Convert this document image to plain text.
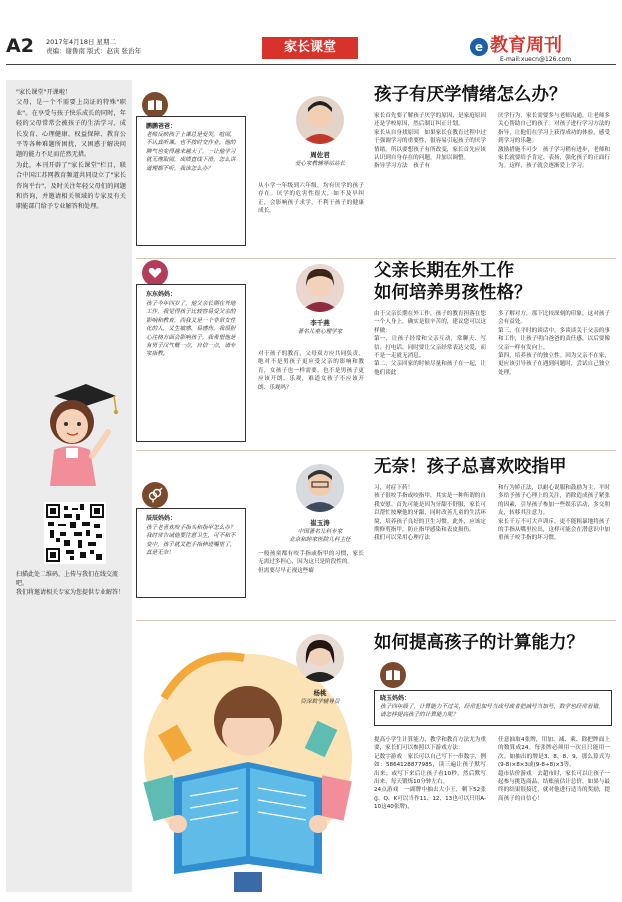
A2 2017年4月18日 星期二
责编：谢鲁南 版式：赵寅 张治年	家长课堂	e 教育周刊
E-mail:xuecn@126.com
"家长课堂"开课啦！
父母，是一个不需要上岗证的特殊"职业"。在享受与孩子快乐成长的同时，年轻的父母常常会被孩子的生活学习、成长发育、心理健康、权益保障、教育公平等各种难题所困扰，又困惑于解决问题的能力不足而茫然无措。
为此，本刊开辟了"家长课堂"栏目，联合中国江苏网教育频道共同设立了"家长咨询平台"，及时关注年轻父母们的问题和咨询，并邀请相关领域的专家及有关职能部门给予专业解答和处理。
扫描此处二维码，上传与我们在线交流吧。
我们将邀请相关专家为您提供专业解答！
鹏鹏爸爸：
老师反映孩子上课总是爱哭，喧闹，不认真听课。也不按时交作业。他的脾气也变得越来越大了，一让他学习就无理取闹，成绩直线下滑，怎么讲道理都不听，我该怎么办？
周佐君
爱心家教辅导站站长
从小学一年级到六年级，均有厌学的孩子存在。厌学的危害性很大，如不及早纠正，会影响孩子求学，不利于孩子的健康成长。
孩子有厌学情绪怎么办？
家长首先要了解孩子厌学的原因，是家庭原因还是学校原因，然后制订纠正计划。
家长从自身找原因　如果家长在教育过程中过于强调学习的重要性，很容易引起孩子的厌学情绪。所以要想孩子有所改变，家长首先应该认识到自身存在的问题，并加以调整。
指导学习方法　孩子有
厌学行为，家长需要多与老师沟通，让老师多关心帮助自己的孩子。对孩子进行学习方法的指导，让他们在学习上获得成功的体验，感受到学习的乐趣。
激励措施不可少　孩子学习稍有进步，老师和家长就要给予肯定、表扬，强化孩子的正面行为。这样，孩子就会逐渐爱上学习。
东东妈妈：
孩子今年四岁了，他父亲长期在外地工作，我觉得孩子比较容易受父亲的影响和教育，尚我又是一个非常女性化的人，又生敏感、易感伤，我很担心往格方面会影响孩子，我希望他是有男子汉气概一点，自信一点，请专家指教。
李千燕
著名儿童心理学家
对于孩子的教育，父母双方应共同负责，绝对不是男孩子更应受父亲的影响和教育，女孩子也一样需要。也不是男孩子更应该开朗、乐观，难道女孩子不应该开朗、乐观吗？
父亲长期在外工作
如何培养男孩性格？
由于父亲长期在外工作，孩子的教育担落在您一个人身上，确实是很辛苦的，建议您可以这样做：
第一，让孩子经常和父亲互动，常聊天、写信、打电话，同时要让父亲经常表达父爱，而不是一走就无消息。
第二，父亲回家的时候尽量和孩子在一起，让他们谈此
多了解对方，那下比较深刻的印象，这对孩子会有益处。
第三，在平时的谈话中，多谈谈关于父亲的事和工作，让孩子明白爸爸的责任感，以后要像父亲一样有发向上。
第四，培养孩子的独立性。因为父亲不在家，更应该引导孩子在遇到问题时，尝试自己独立处理。
辰辰妈妈：
孩子老喜欢咬手指头和指甲怎么办？我时常告诫他要注意卫生，可不和不变中，孩子就又把手指伸进嘴里了，真是无奈！
崔玉涛
中国著名儿科专家
北京和睦家医院儿科主任
一般孩童都有咬手指或指甲的习惯，家长无需过多担心，因为这只是阶段性的。
但需要尽早正视这些癖
无奈！孩子总喜欢咬指甲
习，对症下药！
孩子很咬手指或咬指甲，其实是一种所谓的自我安慰。首先可能是因为牙龈不舒服，家长可以帮忙按摩他的牙龈，同时改善儿童的生活环境，培养孩子良好的卫生习惯。此外，应该定期修剪指甲，防止指甲感染和表皮损伤。
我们可以采用心理疗法
和行为矫正法，以耐心说服和鼓励为主，平时多给予孩子心理上的关注，消除造成孩子紧张的因素，引导孩子参加一些娱乐活动，多交朋友，转移其注意力。
家长千万不可大声训斥，更不能粗暴地将孩子的手指从嘴里拉出，这样可能会在潜意识中加重孩子咬手指的坏习惯。
杨桃
资深数学辅导员
如何提高孩子的计算能力？
晓玉妈妈：
孩子四年级了，计算能力不过关，经常犯加号当成号或者把减号当加号，数学也经常看错，请怎样提高孩子的计算能力呢？
提高小学生计算能力，教学和教育方法尤为重要，家长们可以参照以下游戏方法：
记数字游戏　家长可以自己写下一串数字，例如：5864128877985，读三遍让孩子默写出来；或写下来后让孩子看10秒，然后默写出来，每天锻炼10分钟左右。
24点游戏　一副牌中抽去大小王，剩下52张(J、Q、K可以当作11、12、13也可以只用A-10这40张牌)，
任意抽取4张牌，用加、减、乘、除把牌面上的数算成24。每张牌必须用一次且只能用一次。如抽出的牌是3、8、8、9，那么算式为(9-8)×8×3或(9-8÷8)×3等。
超市估价游戏　去超市时，家长可以让孩子一起参与挑选商品，结账前估计总价，如果与最终的结果很接近，就对他进行适当的奖励，提高孩子的自信心！
